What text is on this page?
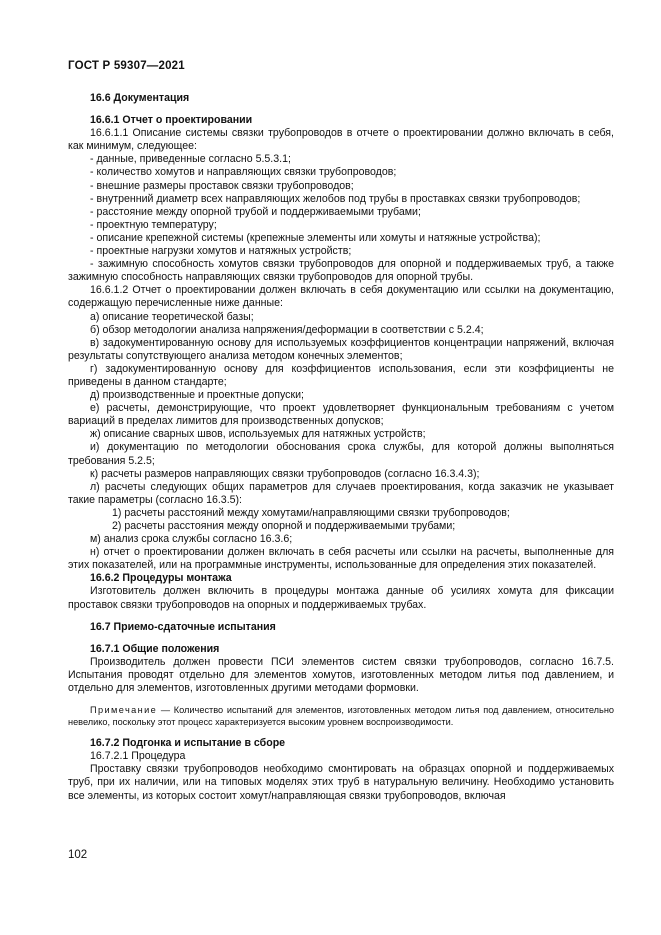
ГОСТ Р 59307—2021

16.6 Документация

16.6.1 Отчет о проектировании

16.6.1.1 Описание системы связки трубопроводов в отчете о проектировании должно включать в себя, как минимум, следующее:

- данные, приведенные согласно 5.5.3.1;

- количество хомутов и направляющих связки трубопроводов;

- внешние размеры проставок связки трубопроводов;

- внутренний диаметр всех направляющих желобов под трубы в проставках связки трубопроводов;

- расстояние между опорной трубой и поддерживаемыми трубами;

- проектную температуру;

- описание крепежной системы (крепежные элементы или хомуты и натяжные устройства);

- проектные нагрузки хомутов и натяжных устройств;

- зажимную способность хомутов связки трубопроводов для опорной и поддерживаемых труб, а также зажимную способность направляющих связки трубопроводов для опорной трубы.

16.6.1.2 Отчет о проектировании должен включать в себя документацию или ссылки на документацию, содержащую перечисленные ниже данные:

а) описание теоретической базы;

б) обзор методологии анализа напряжения/деформации в соответствии с 5.2.4;

в) задокументированную основу для используемых коэффициентов концентрации напряжений, включая результаты сопутствующего анализа методом конечных элементов;

г) задокументированную основу для коэффициентов использования, если эти коэффициенты не приведены в данном стандарте;

д) производственные и проектные допуски;

е) расчеты, демонстрирующие, что проект удовлетворяет функциональным требованиям с учетом вариаций в пределах лимитов для производственных допусков;

ж) описание сварных швов, используемых для натяжных устройств;

и) документацию по методологии обоснования срока службы, для которой должны выполняться требования 5.2.5;

к) расчеты размеров направляющих связки трубопроводов (согласно 16.3.4.3);

л) расчеты следующих общих параметров для случаев проектирования, когда заказчик не указывает такие параметры (согласно 16.3.5):

1) расчеты расстояний между хомутами/направляющими связки трубопроводов;

2) расчеты расстояния между опорной и поддерживаемыми трубами;

м) анализ срока службы согласно 16.3.6;

н) отчет о проектировании должен включать в себя расчеты или ссылки на расчеты, выполненные для этих показателей, или на программные инструменты, использованные для определения этих показателей.

16.6.2 Процедуры монтажа

Изготовитель должен включить в процедуры монтажа данные об усилиях хомута для фиксации проставок связки трубопроводов на опорных и поддерживаемых трубах.

16.7 Приемо-сдаточные испытания

16.7.1 Общие положения

Производитель должен провести ПСИ элементов систем связки трубопроводов, согласно 16.7.5. Испытания проводят отдельно для элементов хомутов, изготовленных методом литья под давлением, и отдельно для элементов, изготовленных другими методами формовки.

Примечание — Количество испытаний для элементов, изготовленных методом литья под давлением, относительно невелико, поскольку этот процесс характеризуется высоким уровнем воспроизводимости.

16.7.2 Подгонка и испытание в сборе

16.7.2.1 Процедура

Проставку связки трубопроводов необходимо смонтировать на образцах опорной и поддерживаемых труб, при их наличии, или на типовых моделях этих труб в натуральную величину. Необходимо установить все элементы, из которых состоит хомут/направляющая связки трубопроводов, включая

102
